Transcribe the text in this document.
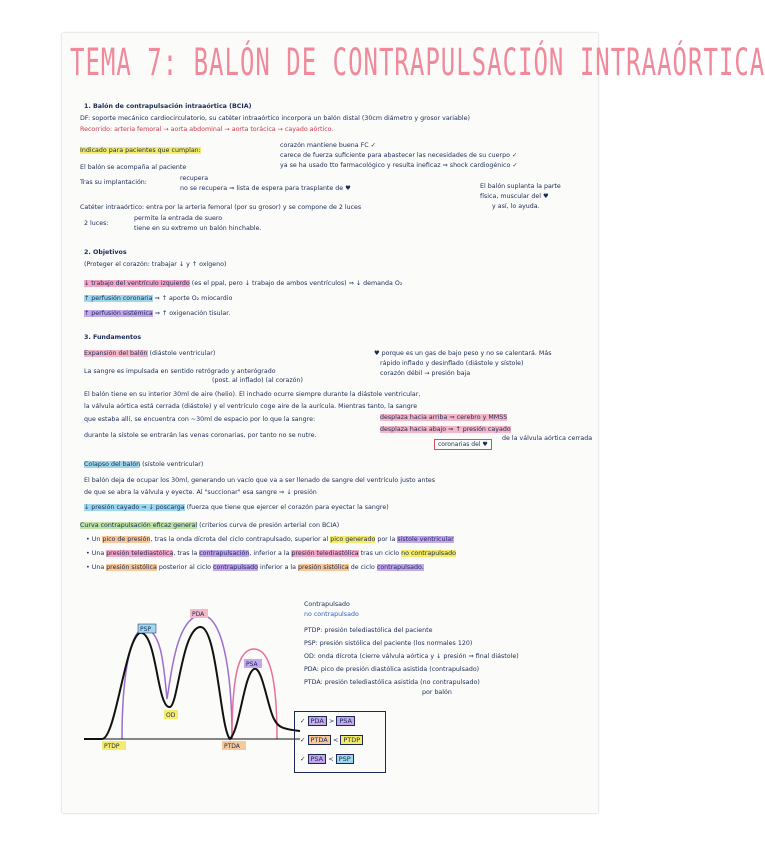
TEMA 7: BALÓN DE CONTRAPULSACIÓN INTRAAÓRTICA
1. Balón de contrapulsación intraaórtica (BCIA)
DF: soporte mecánico cardiocirculatorio, su catéter intraaórtico incorpora un balón distal (30cm diámetro y grosor variable)
Recorrido: arteria femoral → aorta abdominal → aorta torácica → cayado aórtico.
Indicado para pacientes que cumplan:
corazón mantiene buena FC ✓
carece de fuerza suficiente para abastecer las necesidades de su cuerpo ✓
ya se ha usado tto farmacológico y resulta ineficaz ⇒ shock cardiogénico ✓
El balón se acompaña al paciente
Tras su implantación:
recupera
no se recupera ⇒ lista de espera para trasplante de ♥	El balón suplanta la parte
física, muscular del ♥
y así, lo ayuda.
Catéter intraaórtico: entra por la arteria femoral (por su grosor) y se compone de 2 luces
2 luces:
permite la entrada de suero
tiene en su extremo un balón hinchable.
2. Objetivos
(Proteger el corazón: trabajar ↓ y ↑ oxígeno)
↓ trabajo del ventrículo izquierdo (es el ppal, pero ↓ trabajo de ambos ventrículos) ⇒ ↓ demanda O₂
↑ perfusión coronaria ⇒ ↑ aporte O₂ miocardio
↑ perfusión sistémica ⇒ ↑ oxigenación tisular.
3. Fundamentos
Expansión del balón (diástole ventricular)	♥ porque es un gas de bajo peso y no se calentará. Más
rápido inflado y desinflado (diástole y sístole)
corazón débil → presión baja
La sangre es impulsada en sentido retrógrado y anterógrado
(post. al inflado) (al corazón)
El balón tiene en su interior 30ml de aire (helio). El inchado ocurre siempre durante la diástole ventricular,
la válvula aórtica está cerrada (diástole) y el ventrículo coge aire de la aurícula. Mientras tanto, la sangre
que estaba allí, se encuentra con ~30ml de espacio por lo que la sangre:	desplaza hacia arriba ⇒ cerebro y MMSS
durante la sístole se entrarán las venas coronarias, por tanto no se nutre.
desplaza hacia abajo ⇒ ↑ presión cayado
de la válvula aórtica cerrada
coronarias del ♥
Colapso del balón (sístole ventricular)
El balón deja de ocupar los 30ml, generando un vacío que va a ser llenado de sangre del ventrículo justo antes
de que se abra la válvula y eyecte. Al "succionar" esa sangre ⇒ ↓ presión
↓ presión cayado ⇒ ↓ poscarga (fuerza que tiene que ejercer el corazón para eyectar la sangre)
Curva contrapulsación eficaz general (criterios curva de presión arterial con BCIA)
• Un pico de presión, tras la onda dícrota del ciclo contrapulsado, superior al pico generado por la sístole ventricular
• Una presión telediastólica, tras la contrapulsación, inferior a la presión telediastólica tras un ciclo no contrapulsado
• Una presión sistólica posterior al ciclo contrapulsado inferior a la presión sistólica de ciclo contrapulsado.
PDA
PSP
PSA
OD
PTDP	PTDA
Contrapulsado
no contrapulsado
PTDP: presión telediastólica del paciente
PSP: presión sistólica del paciente (los normales 120)
OD: onda dícrota (cierre válvula aórtica y ↓ presión ⇒ final diástole)
PDA: pico de presión diastólica asistida (contrapulsado)
PTDA: presión telediastólica asistida (no contrapulsado)
por balón
✓ PDA > PSA
✓ PTDA < PTDP
✓ PSA < PSP
